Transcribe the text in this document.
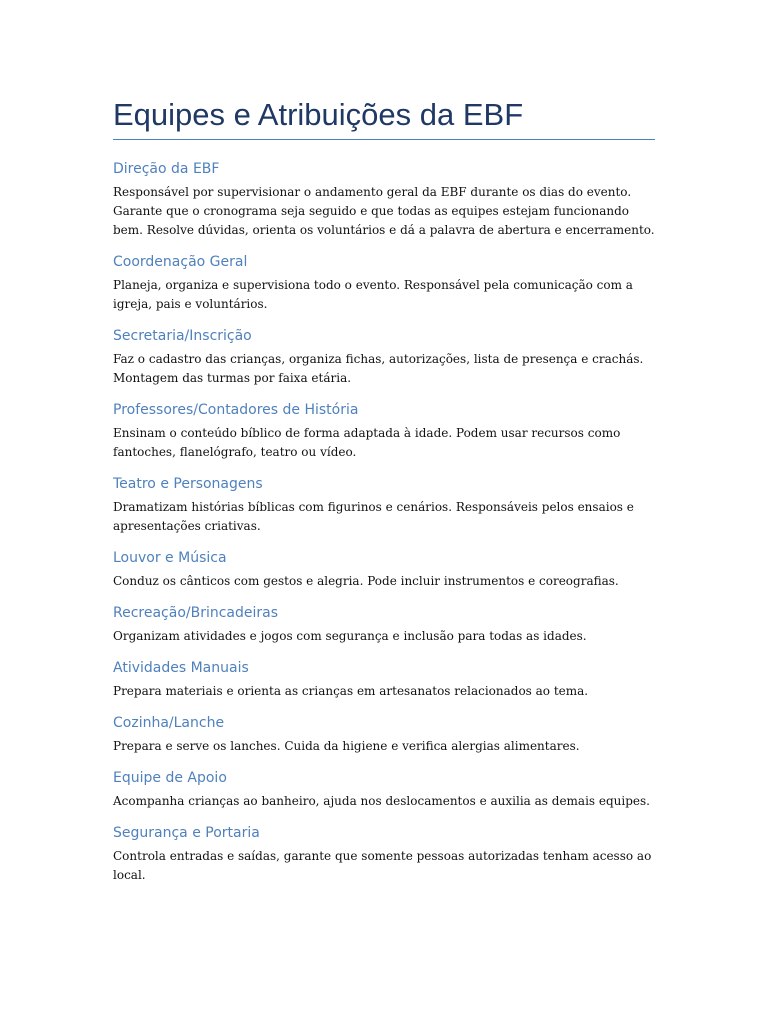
Equipes e Atribuições da EBF
Direção da EBF

Responsável por supervisionar o andamento geral da EBF durante os dias do evento. Garante que o cronograma seja seguido e que todas as equipes estejam funcionando bem. Resolve dúvidas, orienta os voluntários e dá a palavra de abertura e encerramento.

Coordenação Geral

Planeja, organiza e supervisiona todo o evento. Responsável pela comunicação com a igreja, pais e voluntários.

Secretaria/Inscrição

Faz o cadastro das crianças, organiza fichas, autorizações, lista de presença e crachás. Montagem das turmas por faixa etária.

Professores/Contadores de História

Ensinam o conteúdo bíblico de forma adaptada à idade. Podem usar recursos como fantoches, flanelógrafo, teatro ou vídeo.

Teatro e Personagens

Dramatizam histórias bíblicas com figurinos e cenários. Responsáveis pelos ensaios e apresentações criativas.

Louvor e Música

Conduz os cânticos com gestos e alegria. Pode incluir instrumentos e coreografias.

Recreação/Brincadeiras

Organizam atividades e jogos com segurança e inclusão para todas as idades.

Atividades Manuais

Prepara materiais e orienta as crianças em artesanatos relacionados ao tema.

Cozinha/Lanche

Prepara e serve os lanches. Cuida da higiene e verifica alergias alimentares.

Equipe de Apoio

Acompanha crianças ao banheiro, ajuda nos deslocamentos e auxilia as demais equipes.

Segurança e Portaria

Controla entradas e saídas, garante que somente pessoas autorizadas tenham acesso ao local.
